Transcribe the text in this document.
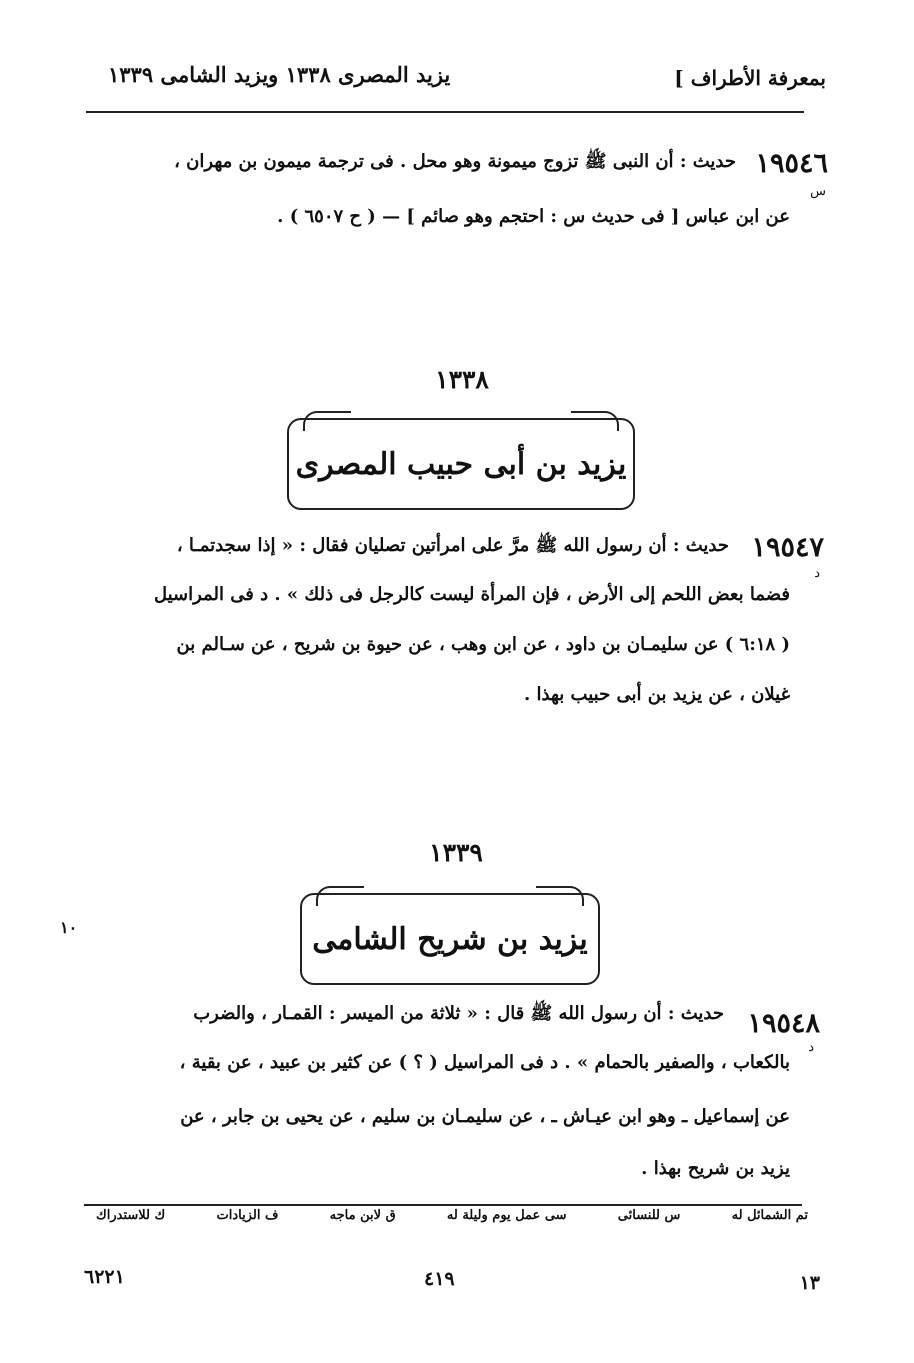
يزيد المصرى ١٣٣٨ ويزيد الشامى ١٣٣٩	بمعرفة الأطراف ]
١٩٥٤٦
س
حديث : أن النبى ﷺ تزوج ميمونة وهو محل . فى ترجمة ميمون بن مهران ،
عن ابن عباس [ فى حديث س : احتجم وهو صائم ] — ( ح ٦٥٠٧ ) .
١٣٣٨
يزيد بن أبى حبيب المصرى
١٩٥٤٧
د
حديث : أن رسول الله ﷺ مرَّ على امرأتين تصليان فقال : « إذا سجدتمـا ،
فضما بعض اللحم إلى الأرض ، فإن المرأة ليست كالرجل فى ذلك » . د فى المراسيل
( ٦:١٨ ) عن سليمـان بن داود ، عن ابن وهب ، عن حيوة بن شريح ، عن سـالم بن
غيلان ، عن يزيد بن أبى حبيب بهذا .
١٣٣٩
يزيد بن شريح الشامى
١٠
١٩٥٤٨
د
حديث : أن رسول الله ﷺ قال : « ثلاثة من الميسر : القمـار ، والضرب
بالكعاب ، والصفير بالحمام » . د فى المراسيل ( ؟ ) عن كثير بن عبيد ، عن بقية ،
عن إسماعيل ـ وهو ابن عيـاش ـ ، عن سليمـان بن سليم ، عن يحيى بن جابر ، عن
يزيد بن شريح بهذا .
تم الشمائل له
س للنسائى
سى عمل يوم وليلة له
ق لابن ماجه
ف الزيادات
ك للاستدراك
١٣
٤١٩
٦٢٢١
